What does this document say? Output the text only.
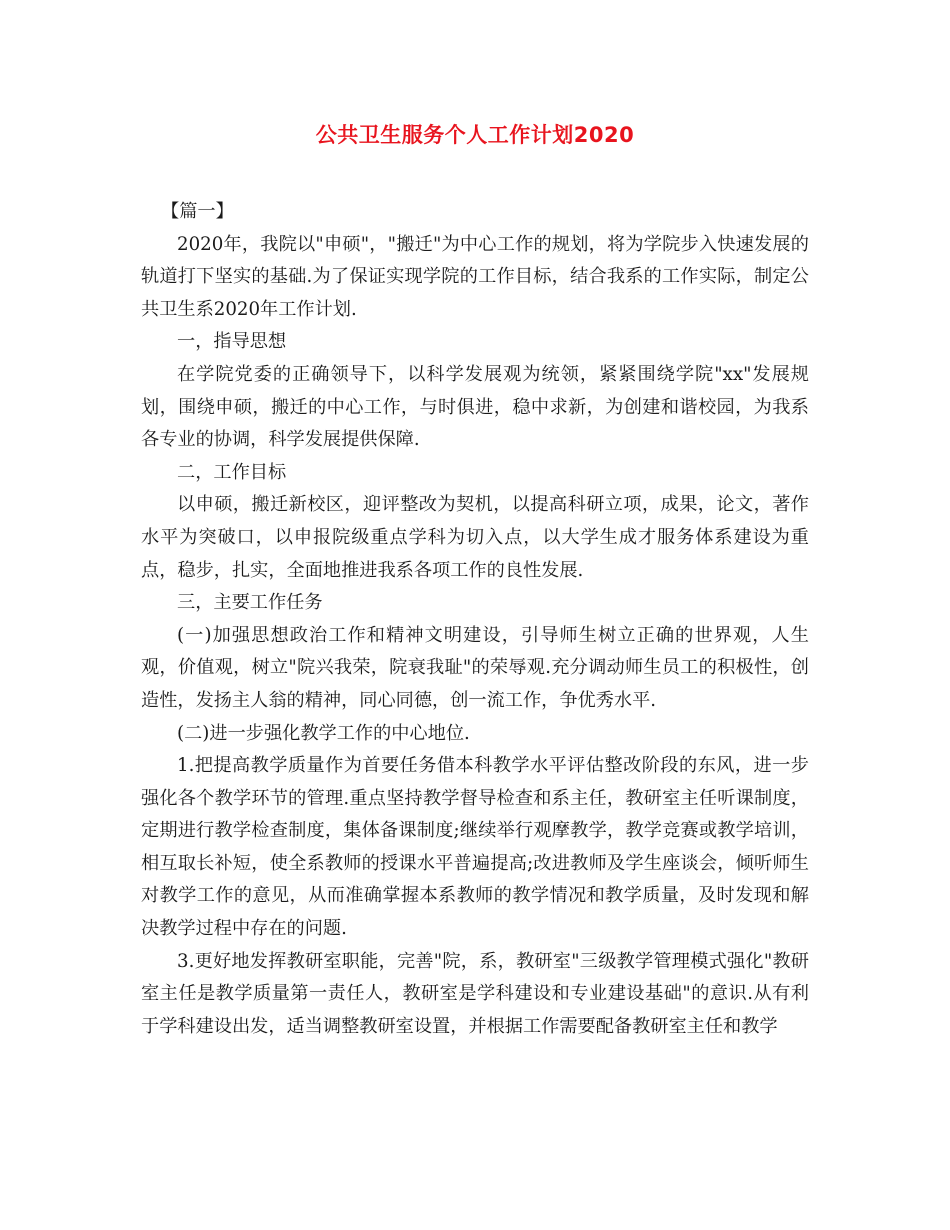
公共卫生服务个人工作计划2020

【篇一】

2020年，我院以"申硕"，"搬迁"为中心工作的规划，将为学院步入快速发展的轨道打下坚实的基础.为了保证实现学院的工作目标，结合我系的工作实际，制定公共卫生系2020年工作计划.

一，指导思想

在学院党委的正确领导下，以科学发展观为统领，紧紧围绕学院"xx"发展规划，围绕申硕，搬迁的中心工作，与时俱进，稳中求新，为创建和谐校园，为我系各专业的协调，科学发展提供保障.

二，工作目标

以申硕，搬迁新校区，迎评整改为契机，以提高科研立项，成果，论文，著作水平为突破口，以申报院级重点学科为切入点，以大学生成才服务体系建设为重点，稳步，扎实，全面地推进我系各项工作的良性发展.

三，主要工作任务

(一)加强思想政治工作和精神文明建设，引导师生树立正确的世界观，人生观，价值观，树立"院兴我荣，院衰我耻"的荣辱观.充分调动师生员工的积极性，创造性，发扬主人翁的精神，同心同德，创一流工作，争优秀水平.

(二)进一步强化教学工作的中心地位.

1.把提高教学质量作为首要任务借本科教学水平评估整改阶段的东风，进一步强化各个教学环节的管理.重点坚持教学督导检查和系主任，教研室主任听课制度，定期进行教学检查制度，集体备课制度;继续举行观摩教学，教学竞赛或教学培训，相互取长补短，使全系教师的授课水平普遍提高;改进教师及学生座谈会，倾听师生对教学工作的意见，从而准确掌握本系教师的教学情况和教学质量，及时发现和解决教学过程中存在的问题.

3.更好地发挥教研室职能，完善"院，系，教研室"三级教学管理模式强化"教研室主任是教学质量第一责任人，教研室是学科建设和专业建设基础"的意识.从有利于学科建设出发，适当调整教研室设置，并根据工作需要配备教研室主任和教学
